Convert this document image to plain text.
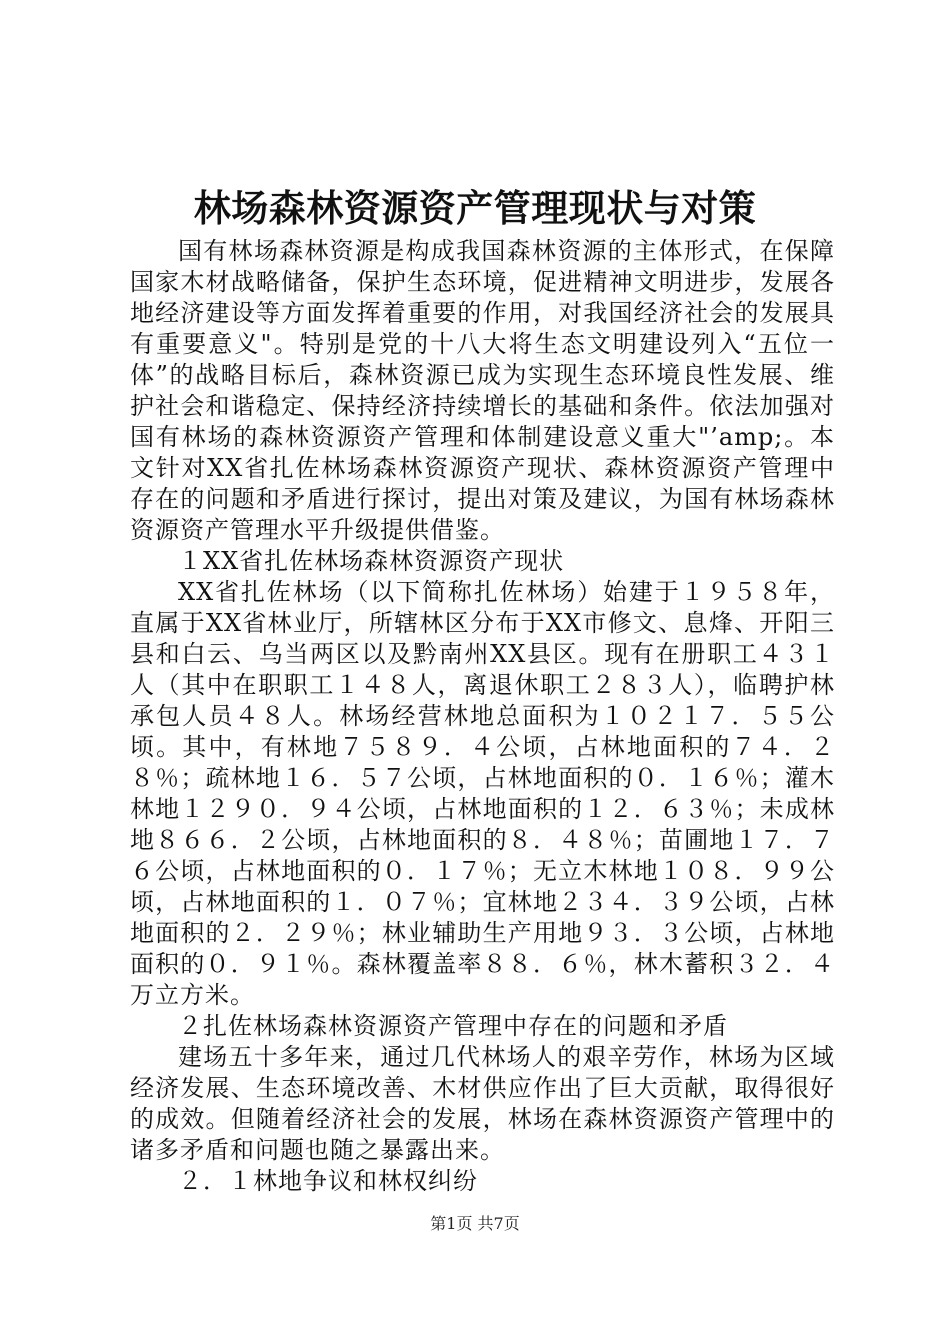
林场森林资源资产管理现状与对策

国有林场森林资源是构成我国森林资源的主体形式，在保障国家木材战略储备，保护生态环境，促进精神文明进步，发展各地经济建设等方面发挥着重要的作用，对我国经济社会的发展具有重要意义"。特别是党的十八大将生态文明建设列入“五位一体”的战略目标后，森林资源已成为实现生态环境良性发展、维护社会和谐稳定、保持经济持续增长的基础和条件。依法加强对国有林场的森林资源资产管理和体制建设意义重大"’amp;。本文针对XX省扎佐林场森林资源资产现状、森林资源资产管理中存在的问题和矛盾进行探讨，提出对策及建议，为国有林场森林资源资产管理水平升级提供借鉴。

１XX省扎佐林场森林资源资产现状

XX省扎佐林场（以下简称扎佐林场）始建于１９５８年，直属于XX省林业厅，所辖林区分布于XX市修文、息烽、开阳三县和白云、乌当两区以及黔南州XX县区。现有在册职工４３１人（其中在职职工１４８人，离退休职工２８３人），临聘护林承包人员４８人。林场经营林地总面积为１０２１７．５５公顷。其中，有林地７５８９．４公顷，占林地面积的７４．２８％；疏林地１６．５７公顷，占林地面积的０．１６％；灌木林地１２９０．９４公顷，占林地面积的１２．６３％；未成林地８６６．２公顷，占林地面积的８．４８％；苗圃地１７．７６公顷，占林地面积的０．１７％；无立木林地１０８．９９公顷，占林地面积的１．０７％；宜林地２３４．３９公顷，占林地面积的２．２９％；林业辅助生产用地９３．３公顷，占林地面积的０．９１％。森林覆盖率８８．６％，林木蓄积３２．４万立方米。

２扎佐林场森林资源资产管理中存在的问题和矛盾

建场五十多年来，通过几代林场人的艰辛劳作，林场为区域经济发展、生态环境改善、木材供应作出了巨大贡献，取得很好的成效。但随着经济社会的发展，林场在森林资源资产管理中的诸多矛盾和问题也随之暴露出来。

２．１林地争议和林权纠纷

第1页 共7页
